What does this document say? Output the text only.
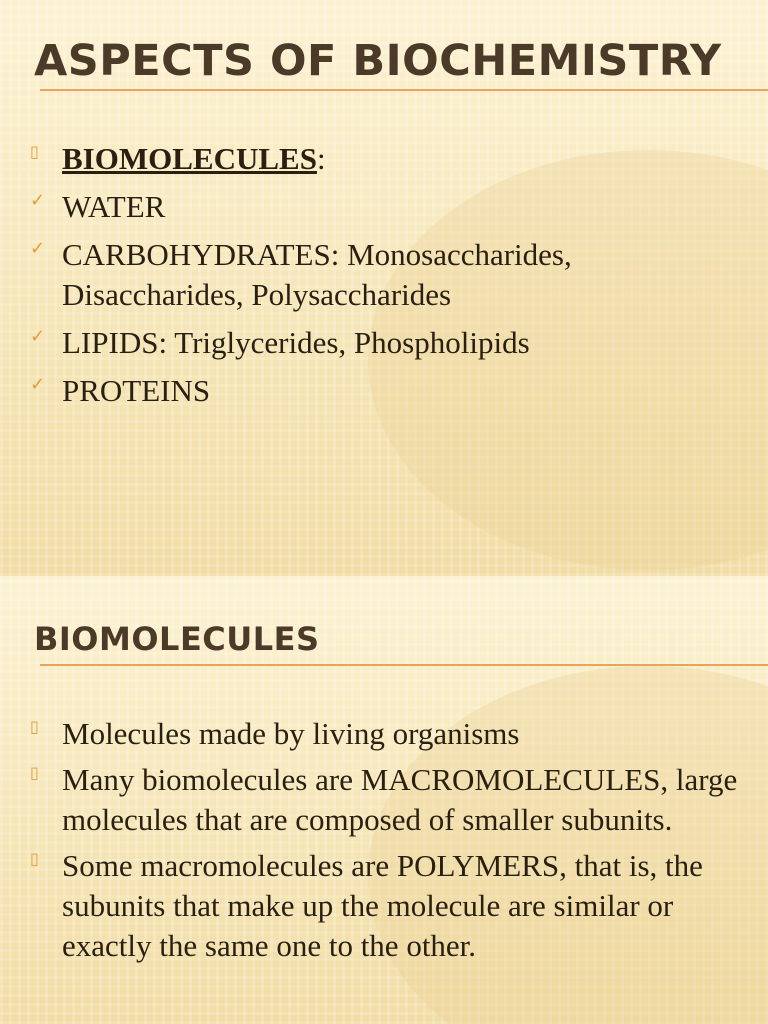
ASPECTS OF BIOCHEMISTRY
▯ BIOMOLECULES:
✓ WATER
✓ CARBOHYDRATES: Monosaccharides, Disaccharides, Polysaccharides
✓ LIPIDS: Triglycerides, Phospholipids
✓ PROTEINS
BIOMOLECULES
▯ Molecules made by living organisms
▯ Many biomolecules are MACROMOLECULES, large molecules that are composed of smaller subunits.
▯ Some macromolecules are POLYMERS, that is, the subunits that make up the molecule are similar or exactly the same one to the other.
